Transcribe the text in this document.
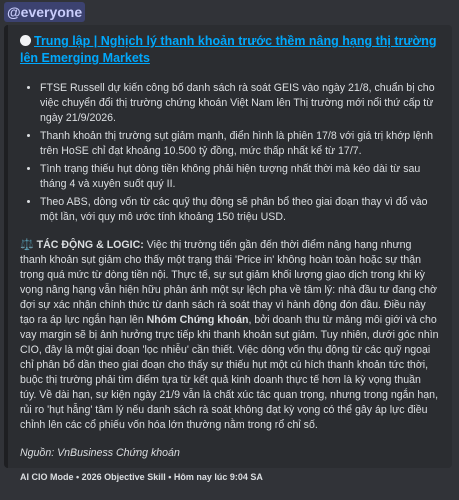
@everyone
Trung lập | Nghịch lý thanh khoản trước thềm nâng hạng thị trường lên Emerging Markets
• FTSE Russell dự kiến công bố danh sách rà soát GEIS vào ngày 21/8, chuẩn bị cho việc chuyển đổi thị trường chứng khoán Việt Nam lên Thị trường mới nổi thứ cấp từ ngày 21/9/2026.
• Thanh khoản thị trường sụt giảm mạnh, điển hình là phiên 17/8 với giá trị khớp lệnh trên HoSE chỉ đạt khoảng 10.500 tỷ đồng, mức thấp nhất kể từ 17/7.
• Tình trạng thiếu hụt dòng tiền không phải hiện tượng nhất thời mà kéo dài từ sau tháng 4 và xuyên suốt quý II.
• Theo ABS, dòng vốn từ các quỹ thụ động sẽ phân bổ theo giai đoạn thay vì đổ vào một lần, với quy mô ước tính khoảng 150 triệu USD.
⚖️ TÁC ĐỘNG & LOGIC: Việc thị trường tiến gần đến thời điểm nâng hạng nhưng thanh khoản sụt giảm cho thấy một trạng thái 'Price in' không hoàn toàn hoặc sự thận trọng quá mức từ dòng tiền nội. Thực tế, sự sụt giảm khối lượng giao dịch trong khi kỳ vọng nâng hạng vẫn hiện hữu phản ánh một sự lệch pha về tâm lý: nhà đầu tư đang chờ đợi sự xác nhận chính thức từ danh sách rà soát thay vì hành động đón đầu. Điều này tạo ra áp lực ngắn hạn lên Nhóm Chứng khoán, bởi doanh thu từ mảng môi giới và cho vay margin sẽ bị ảnh hưởng trực tiếp khi thanh khoản sụt giảm. Tuy nhiên, dưới góc nhìn CIO, đây là một giai đoạn 'lọc nhiễu' cần thiết. Việc dòng vốn thụ động từ các quỹ ngoại chỉ phân bổ dần theo giai đoạn cho thấy sự thiếu hụt một cú hích thanh khoản tức thời, buộc thị trường phải tìm điểm tựa từ kết quả kinh doanh thực tế hơn là kỳ vọng thuần túy. Về dài hạn, sự kiện ngày 21/9 vẫn là chất xúc tác quan trọng, nhưng trong ngắn hạn, rủi ro 'hụt hẫng' tâm lý nếu danh sách rà soát không đạt kỳ vọng có thể gây áp lực điều chỉnh lên các cổ phiếu vốn hóa lớn thường nằm trong rổ chỉ số.
Nguồn: VnBusiness Chứng khoán
AI CIO Mode • 2026 Objective Skill • Hôm nay lúc 9:04 SA
